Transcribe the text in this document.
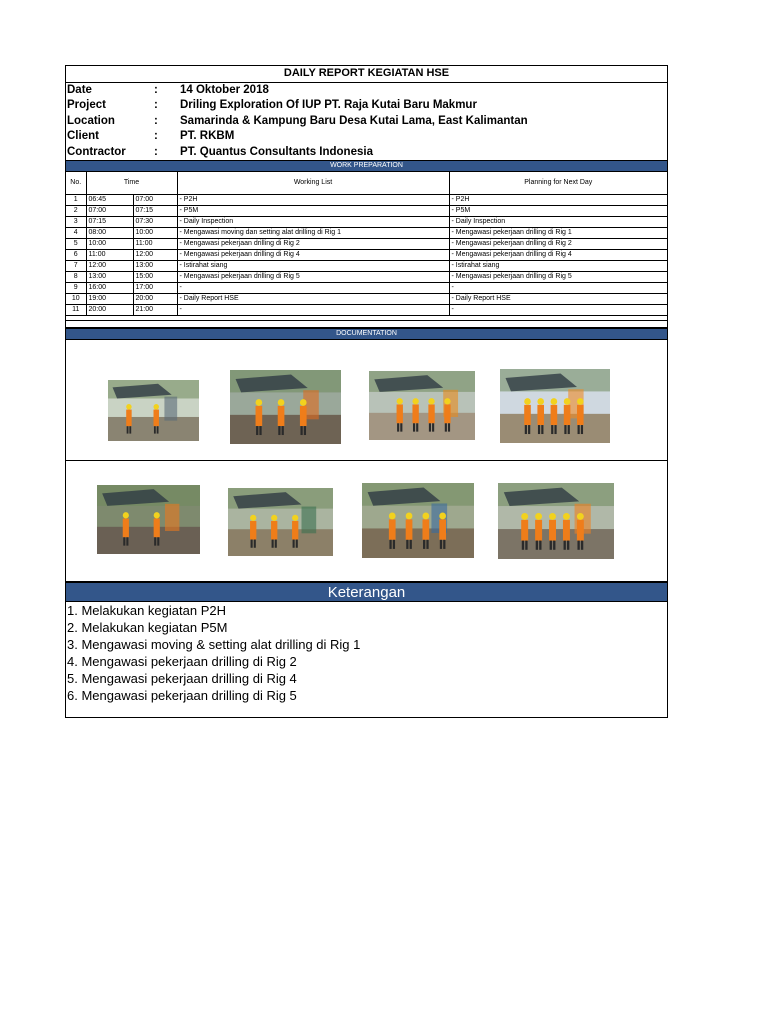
DAILY REPORT KEGIATAN HSE
Date	:	14 Oktober 2018
Project	:	Driling Exploration Of IUP PT. Raja Kutai Baru Makmur
Location	:	Samarinda & Kampung Baru Desa Kutai Lama, East Kalimantan
Client	:	PT. RKBM
Contractor	:	PT. Quantus Consultants Indonesia
WORK PREPARATION
No.	Time		Working List	Planning for Next Day
1	06:45	07:00	- P2H	- P2H
2	07:00	07:15	- P5M	- P5M
3	07:15	07:30	- Daily Inspection	- Daily Inspection
4	08:00	10:00	- Mengawasi moving dan setting alat drilling di Rig 1	- Mengawasi pekerjaan drilling di Rig 1
5	10:00	11:00	- Mengawasi pekerjaan drilling di Rig 2	- Mengawasi pekerjaan drilling di Rig 2
6	11:00	12:00	- Mengawasi pekerjaan drilling di Rig 4	- Mengawasi pekerjaan drilling di Rig 4
7	12:00	13:00	- Istirahat siang	- Istirahat siang
8	13:00	15:00	- Mengawasi pekerjaan drilling di Rig 5	- Mengawasi pekerjaan drilling di Rig 5
9	16:00	17:00	-	-
10	19:00	20:00	- Daily Report HSE	- Daily Report HSE
11	20:00	21:00	-	-
DOCUMENTATION
Keterangan
1. Melakukan kegiatan P2H
2. Melakukan kegiatan P5M
3. Mengawasi moving & setting alat drilling di Rig 1
4. Mengawasi pekerjaan drilling di Rig 2
5. Mengawasi pekerjaan drilling di Rig 4
6. Mengawasi pekerjaan drilling di Rig 5
